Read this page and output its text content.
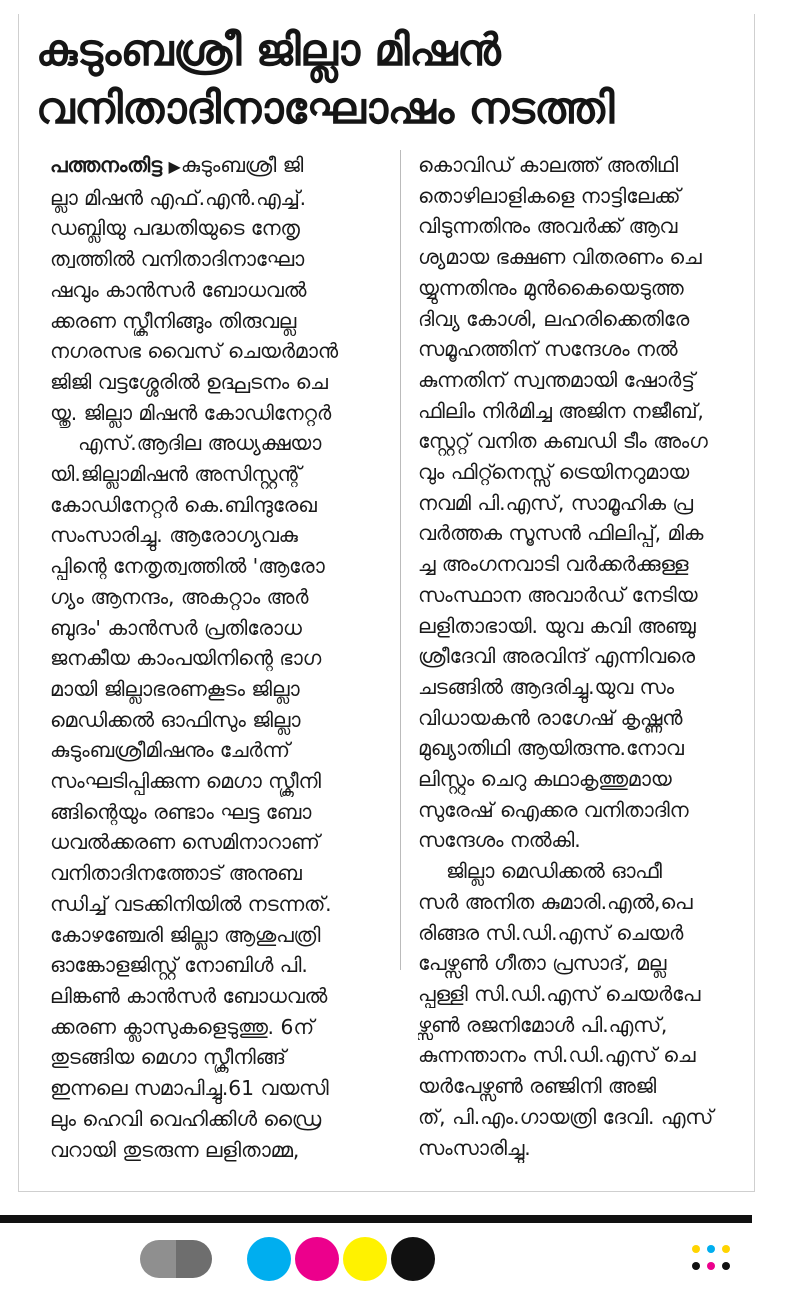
കുടുംബശ്രീ ജില്ലാ മിഷൻ
വനിതാദിനാഘോഷം നടത്തി
പത്തനംതിട്ട ▶കുടുംബശ്രീ ജി
ല്ലാ മിഷൻ എഫ്.എൻ.എച്ച്.
ഡബ്ലിയു പദ്ധതിയുടെ നേതൃ
ത്വത്തിൽ വനിതാദിനാഘോ
ഷവും കാൻസർ ബോധവൽ
ക്കരണ സ്ക്രീനിങ്ങും തിരുവല്ല
നഗരസഭ വൈസ് ചെയർമാൻ
ജിജി വട്ടശ്ശേരിൽ ഉദ്ഘടനം ചെ
യ്തു. ജില്ലാ മിഷൻ കോഡിനേറ്റർ
എസ്.ആദില അധ്യക്ഷയാ
യി.ജില്ലാമിഷൻ അസിസ്റ്റന്റ്
കോഡിനേറ്റർ കെ.ബിന്ദുരേഖ
സംസാരിച്ചു. ആരോഗ്യവകു
പ്പിന്റെ നേതൃത്വത്തിൽ 'ആരോ
ഗ്യം ആനന്ദം, അകറ്റാം അർ
ബുദം' കാൻസർ പ്രതിരോധ
ജനകീയ കാംപയിനിന്റെ ഭാഗ
മായി ജില്ലാഭരണകൂടം ജില്ലാ
മെഡിക്കൽ ഓഫിസും ജില്ലാ
കുടുംബശ്രീമിഷനും ചേർന്ന്
സംഘടിപ്പിക്കുന്ന മെഗാ സ്ക്രീനി
ങ്ങിന്റെയും രണ്ടാം ഘട്ട ബോ
ധവൽക്കരണ സെമിനാറാണ്
വനിതാദിനത്തോട് അനുബ
ന്ധിച്ച് വടക്കിനിയിൽ നടന്നത്.
കോഴഞ്ചേരി ജില്ലാ ആശുപത്രി
ഓങ്കോളജിസ്റ്റ് നോബിൾ പി.
ലിങ്കൺ കാൻസർ ബോധവൽ
ക്കരണ ക്ലാസുകളെടുത്തു. 6ന്
തുടങ്ങിയ മെഗാ സ്ക്രീനിങ്ങ്
ഇന്നലെ സമാപിച്ചു.61 വയസി
ലും ഹെവി വെഹിക്കിൾ ഡ്രൈ
വറായി തുടരുന്ന ലളിതാമ്മ,
കൊവിഡ് കാലത്ത് അതിഥി
തൊഴിലാളികളെ നാട്ടിലേക്ക്
വിടുന്നതിനും അവർക്ക് ആവ
ശ്യമായ ഭക്ഷണ വിതരണം ചെ
യ്യുന്നതിനും മുൻകൈയെടുത്ത
ദിവ്യ കോശി, ലഹരിക്കെതിരേ
സമൂഹത്തിന് സന്ദേശം നൽ
കുന്നതിന് സ്വന്തമായി ഷോർട്ട്
ഫിലിം നിർമിച്ച അജിന നജീബ്,
സ്റ്റേറ്റ് വനിത കബഡി ടീം അംഗ
വും ഫിറ്റ്നെസ്സ് ട്രെയിനറുമായ
നവമി പി.എസ്, സാമൂഹിക പ്ര
വർത്തക സൂസൻ ഫിലിപ്പ്, മിക
ച്ച അംഗനവാടി വർക്കർക്കുള്ള
സംസ്ഥാന അവാർഡ് നേടിയ
ലളിതാഭായി. യുവ കവി അഞ്ചു
ശ്രീദേവി അരവിന്ദ് എന്നിവരെ
ചടങ്ങിൽ ആദരിച്ചു.യുവ സം
വിധായകൻ രാഗേഷ് കൃഷ്ണൻ
മുഖ്യാതിഥി ആയിരുന്നു.നോവ
ലിസ്റ്റും ചെറു കഥാകൃത്തുമായ
സുരേഷ് ഐക്കര വനിതാദിന
സന്ദേശം നൽകി.
ജില്ലാ മെഡിക്കൽ ഓഫീ
സർ അനിത കുമാരി.എൽ,പെ
രിങ്ങര സി.ഡി.എസ് ചെയർ
പേഴ്സൺ ഗീതാ പ്രസാദ്, മല്ല
പ്പള്ളി സി.ഡി.എസ് ചെയർപേ
ഴ്സൺ രജനിമോൾ പി.എസ്,
കുന്നന്താനം സി.ഡി.എസ് ചെ
യർപേഴ്സൺ രഞ്ജിനി അജി
ത്, പി.എം.ഗായത്രി ദേവി. എസ്
സംസാരിച്ചു.
